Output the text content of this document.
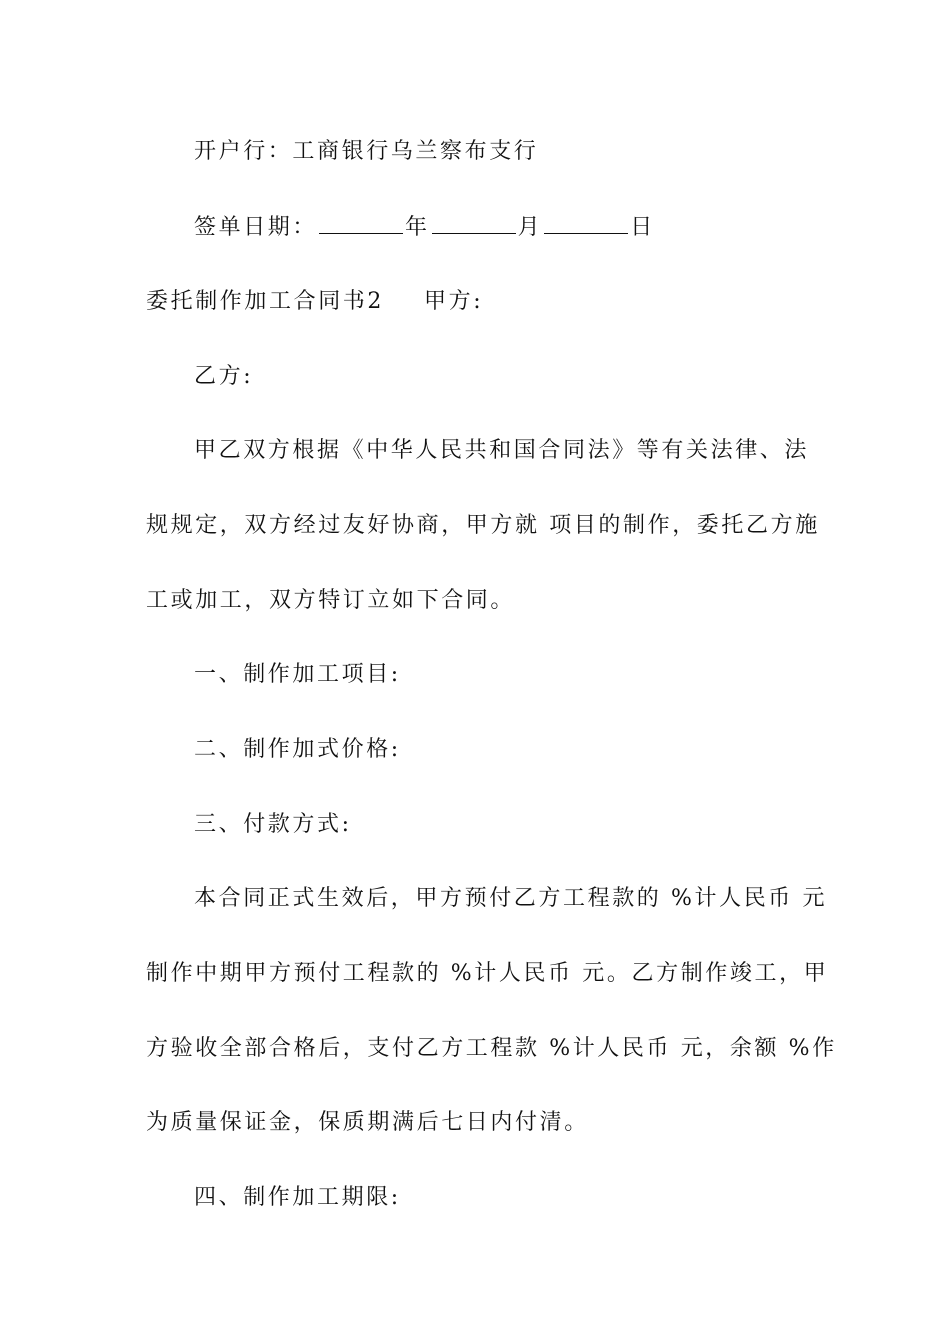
开户行：工商银行乌兰察布支行
签单日期：	年	月	日
委托制作加工合同书2 甲方:
乙方:
甲乙双方根据《中华人民共和国合同法》等有关法律、法
规规定，双方经过友好协商，甲方就 项目的制作，委托乙方施
工或加工，双方特订立如下合同。
一、制作加工项目:
二、制作加式价格:
三、付款方式:
本合同正式生效后，甲方预付乙方工程款的 %计人民币 元
制作中期甲方预付工程款的 %计人民币 元。乙方制作竣工，甲
方验收全部合格后，支付乙方工程款 %计人民币 元，余额 %作
为质量保证金，保质期满后七日内付清。
四、制作加工期限:
